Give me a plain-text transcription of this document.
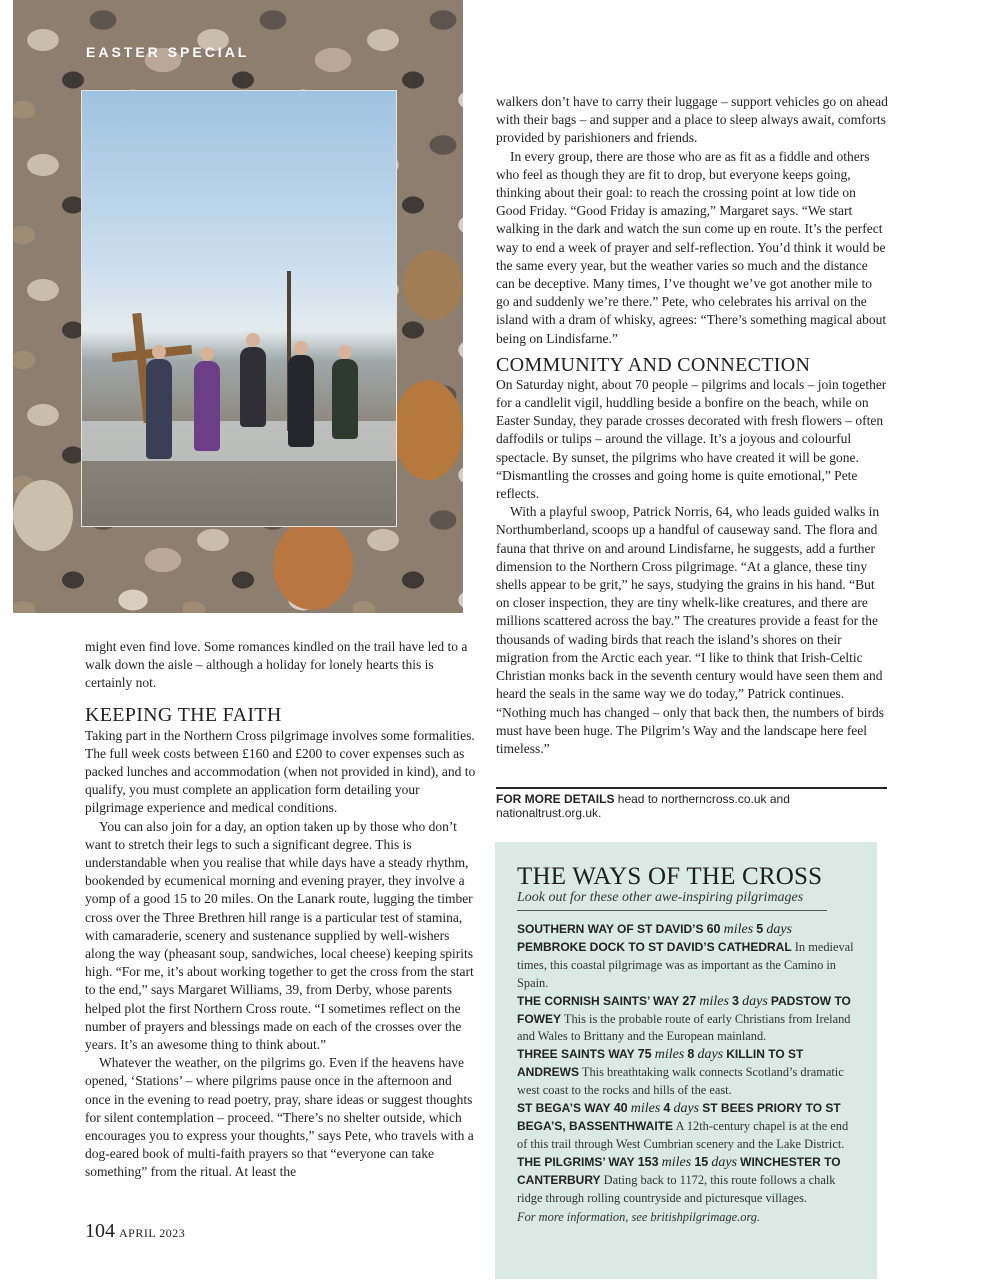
EASTER SPECIAL

might even find love. Some romances kindled on the trail have led to a walk down the aisle – although a holiday for lonely hearts this is certainly not.

KEEPING THE FAITH

Taking part in the Northern Cross pilgrimage involves some formalities. The full week costs between £160 and £200 to cover expenses such as packed lunches and accommodation (when not provided in kind), and to qualify, you must complete an application form detailing your pilgrimage experience and medical conditions.

You can also join for a day, an option taken up by those who don’t want to stretch their legs to such a significant degree. This is understandable when you realise that while days have a steady rhythm, bookended by ecumenical morning and evening prayer, they involve a yomp of a good 15 to 20 miles. On the Lanark route, lugging the timber cross over the Three Brethren hill range is a particular test of stamina, with camaraderie, scenery and sustenance supplied by well-wishers along the way (pheasant soup, sandwiches, local cheese) keeping spirits high. “For me, it’s about working together to get the cross from the start to the end,” says Margaret Williams, 39, from Derby, whose parents helped plot the first Northern Cross route. “I sometimes reflect on the number of prayers and blessings made on each of the crosses over the years. It’s an awesome thing to think about.”

Whatever the weather, on the pilgrims go. Even if the heavens have opened, ‘Stations’ – where pilgrims pause once in the afternoon and once in the evening to read poetry, pray, share ideas or suggest thoughts for silent contemplation – proceed. “There’s no shelter outside, which encourages you to express your thoughts,” says Pete, who travels with a dog-eared book of multi-faith prayers so that “everyone can take something” from the ritual. At least the

walkers don’t have to carry their luggage – support vehicles go on ahead with their bags – and supper and a place to sleep always await, comforts provided by parishioners and friends.

In every group, there are those who are as fit as a fiddle and others who feel as though they are fit to drop, but everyone keeps going, thinking about their goal: to reach the crossing point at low tide on Good Friday. “Good Friday is amazing,” Margaret says. “We start walking in the dark and watch the sun come up en route. It’s the perfect way to end a week of prayer and self-reflection. You’d think it would be the same every year, but the weather varies so much and the distance can be deceptive. Many times, I’ve thought we’ve got another mile to go and suddenly we’re there.” Pete, who celebrates his arrival on the island with a dram of whisky, agrees: “There’s something magical about being on Lindisfarne.”

COMMUNITY AND CONNECTION

On Saturday night, about 70 people – pilgrims and locals – join together for a candlelit vigil, huddling beside a bonfire on the beach, while on Easter Sunday, they parade crosses decorated with fresh flowers – often daffodils or tulips – around the village. It’s a joyous and colourful spectacle. By sunset, the pilgrims who have created it will be gone. “Dismantling the crosses and going home is quite emotional,” Pete reflects.

With a playful swoop, Patrick Norris, 64, who leads guided walks in Northumberland, scoops up a handful of causeway sand. The flora and fauna that thrive on and around Lindisfarne, he suggests, add a further dimension to the Northern Cross pilgrimage. “At a glance, these tiny shells appear to be grit,” he says, studying the grains in his hand. “But on closer inspection, they are tiny whelk-like creatures, and there are millions scattered across the bay.” The creatures provide a feast for the thousands of wading birds that reach the island’s shores on their migration from the Arctic each year. “I like to think that Irish-Celtic Christian monks back in the seventh century would have seen them and heard the seals in the same way we do today,” Patrick continues. “Nothing much has changed – only that back then, the numbers of birds must have been huge. The Pilgrim’s Way and the landscape here feel timeless.”

FOR MORE DETAILS head to northerncross.co.uk and nationaltrust.org.uk.
THE WAYS OF THE CROSS
Look out for these other awe-inspiring pilgrimages
SOUTHERN WAY OF ST DAVID’S 60 miles 5 days PEMBROKE DOCK TO ST DAVID’S CATHEDRAL In medieval times, this coastal pilgrimage was as important as the Camino in Spain.
THE CORNISH SAINTS’ WAY 27 miles 3 days PADSTOW TO FOWEY This is the probable route of early Christians from Ireland and Wales to Brittany and the European mainland.
THREE SAINTS WAY 75 miles 8 days KILLIN TO ST ANDREWS This breathtaking walk connects Scotland’s dramatic west coast to the rocks and hills of the east.
ST BEGA’S WAY 40 miles 4 days ST BEES PRIORY TO ST BEGA’S, BASSENTHWAITE A 12th-century chapel is at the end of this trail through West Cumbrian scenery and the Lake District.
THE PILGRIMS’ WAY 153 miles 15 days WINCHESTER TO CANTERBURY Dating back to 1172, this route follows a chalk ridge through rolling countryside and picturesque villages.
For more information, see britishpilgrimage.org.
104 APRIL 2023
